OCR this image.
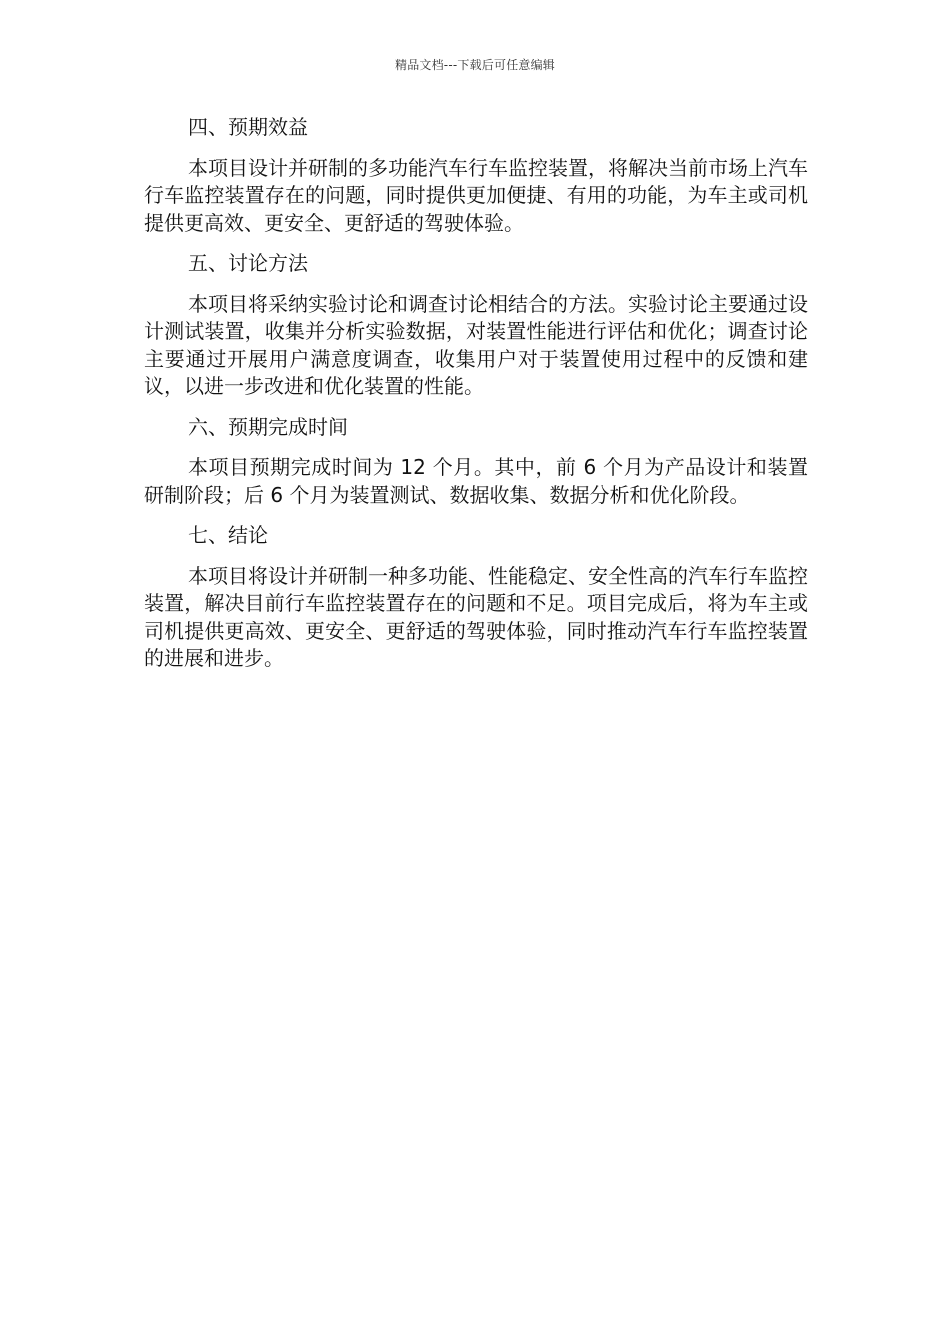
精品文档---下载后可任意编辑
四、预期效益
本项目设计并研制的多功能汽车行车监控装置，将解决当前市场上汽车行车监控装置存在的问题，同时提供更加便捷、有用的功能，为车主或司机提供更高效、更安全、更舒适的驾驶体验。
五、讨论方法
本项目将采纳实验讨论和调查讨论相结合的方法。实验讨论主要通过设计测试装置，收集并分析实验数据，对装置性能进行评估和优化；调查讨论主要通过开展用户满意度调查，收集用户对于装置使用过程中的反馈和建议，以进一步改进和优化装置的性能。
六、预期完成时间
本项目预期完成时间为 12 个月。其中，前 6 个月为产品设计和装置研制阶段；后 6 个月为装置测试、数据收集、数据分析和优化阶段。
七、结论
本项目将设计并研制一种多功能、性能稳定、安全性高的汽车行车监控装置，解决目前行车监控装置存在的问题和不足。项目完成后，将为车主或司机提供更高效、更安全、更舒适的驾驶体验，同时推动汽车行车监控装置的进展和进步。
